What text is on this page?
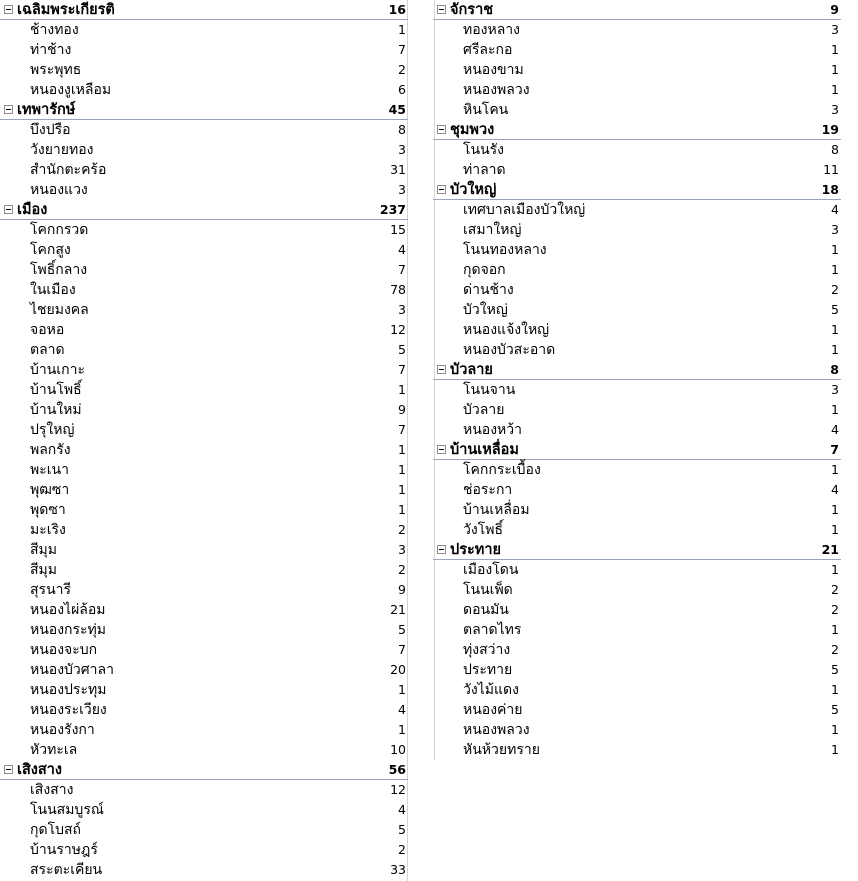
เฉลิมพระเกียรติ	16
ช้างทอง	1
ท่าช้าง	7
พระพุทธ	2
หนองงูเหลือม	6
เทพารักษ์	45
บึงปรือ	8
วังยายทอง	3
สำนักตะคร้อ	31
หนองแวง	3
เมือง	237
โคกกรวด	15
โคกสูง	4
โพธิ์กลาง	7
ในเมือง	78
ไชยมงคล	3
จอหอ	12
ตลาด	5
บ้านเกาะ	7
บ้านโพธิ์	1
บ้านใหม่	9
ปรุใหญ่	7
พลกรัง	1
พะเนา	1
พุฒซา	1
พุดซา	1
มะเริง	2
สีมุม	3
สีมุม	2
สุรนารี	9
หนองไผ่ล้อม	21
หนองกระทุ่ม	5
หนองจะบก	7
หนองบัวศาลา	20
หนองประทุม	1
หนองระเวียง	4
หนองรังกา	1
หัวทะเล	10
เสิงสาง	56
เสิงสาง	12
โนนสมบูรณ์	4
กุดโบสถ์	5
บ้านราษฎร์	2
สระตะเคียน	33
จักราช	9
ทองหลาง	3
ศรีละกอ	1
หนองขาม	1
หนองพลวง	1
หินโคน	3
ชุมพวง	19
โนนรัง	8
ท่าลาด	11
บัวใหญ่	18
เทศบาลเมืองบัวใหญ่	4
เสมาใหญ่	3
โนนทองหลาง	1
กุดจอก	1
ด่านช้าง	2
บัวใหญ่	5
หนองแจ้งใหญ่	1
หนองบัวสะอาด	1
บัวลาย	8
โนนจาน	3
บัวลาย	1
หนองหว้า	4
บ้านเหลื่อม	7
โคกกระเบื้อง	1
ช่อระกา	4
บ้านเหลื่อม	1
วังโพธิ์	1
ประทาย	21
เมืองโดน	1
โนนเพ็ด	2
ดอนมัน	2
ตลาดไทร	1
ทุ่งสว่าง	2
ประทาย	5
วังไม้แดง	1
หนองค่าย	5
หนองพลวง	1
หันห้วยทราย	1
